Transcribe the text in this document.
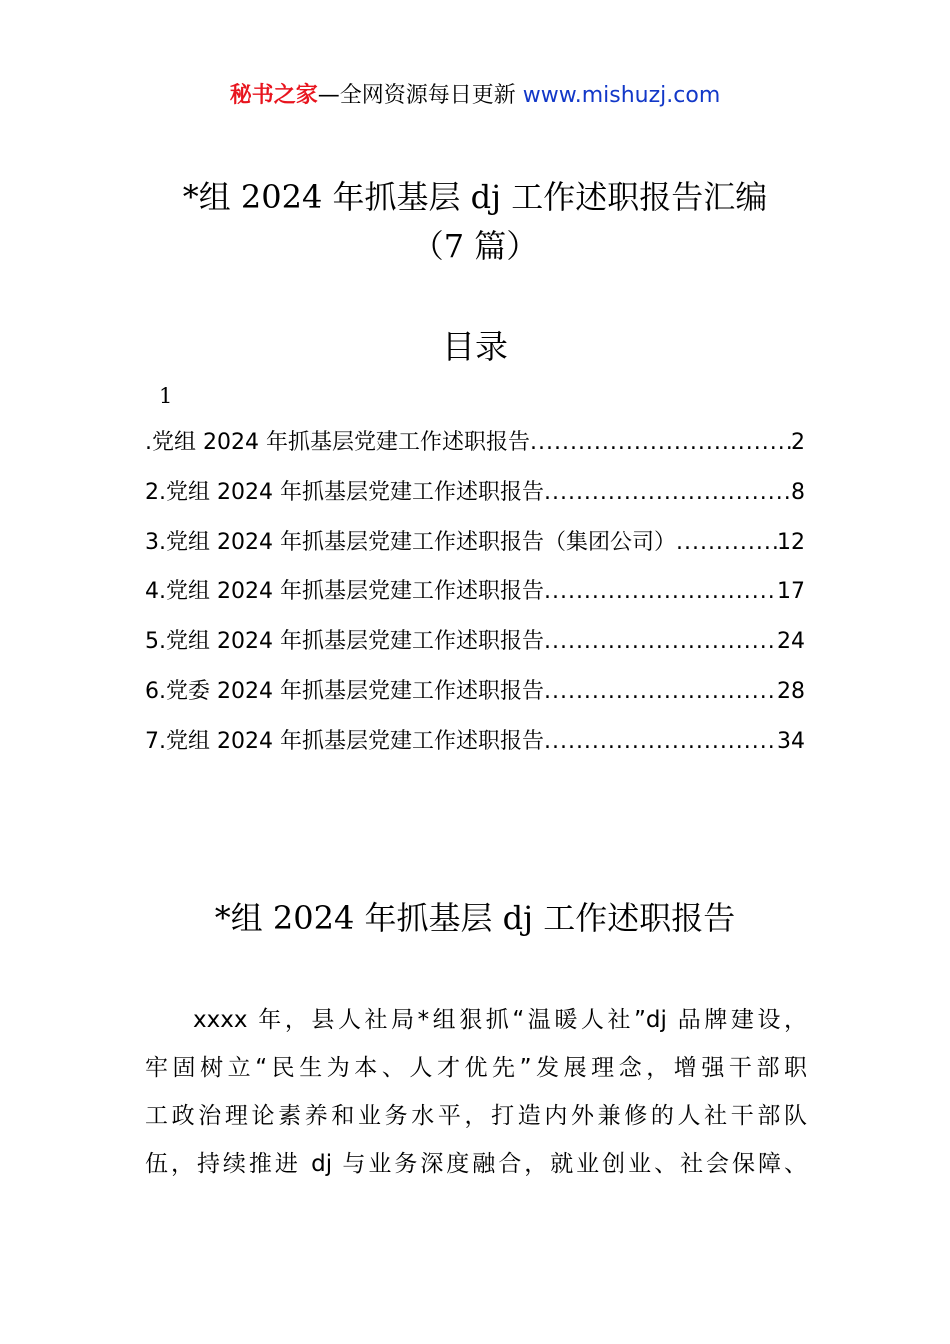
秘书之家—全网资源每日更新 www.mishuzj.com
*组 2024 年抓基层 dj 工作述职报告汇编
（7 篇）
目录
1
.党组 2024 年抓基层党建工作述职报告 .....	2
2.党组 2024 年抓基层党建工作述职报告 .....	8
3.党组 2024 年抓基层党建工作述职报告（集团公司） .....	12
4.党组 2024 年抓基层党建工作述职报告 .....	17
5.党组 2024 年抓基层党建工作述职报告 .....	24
6.党委 2024 年抓基层党建工作述职报告 .....	28
7.党组 2024 年抓基层党建工作述职报告 .....	34
*组 2024 年抓基层 dj 工作述职报告
xxxx 年，县人社局*组狠抓“温暖人社”dj 品牌建设，
牢固树立“民生为本、人才优先”发展理念，增强干部职
工政治理论素养和业务水平，打造内外兼修的人社干部队
伍，持续推进 dj 与业务深度融合，就业创业、社会保障、
